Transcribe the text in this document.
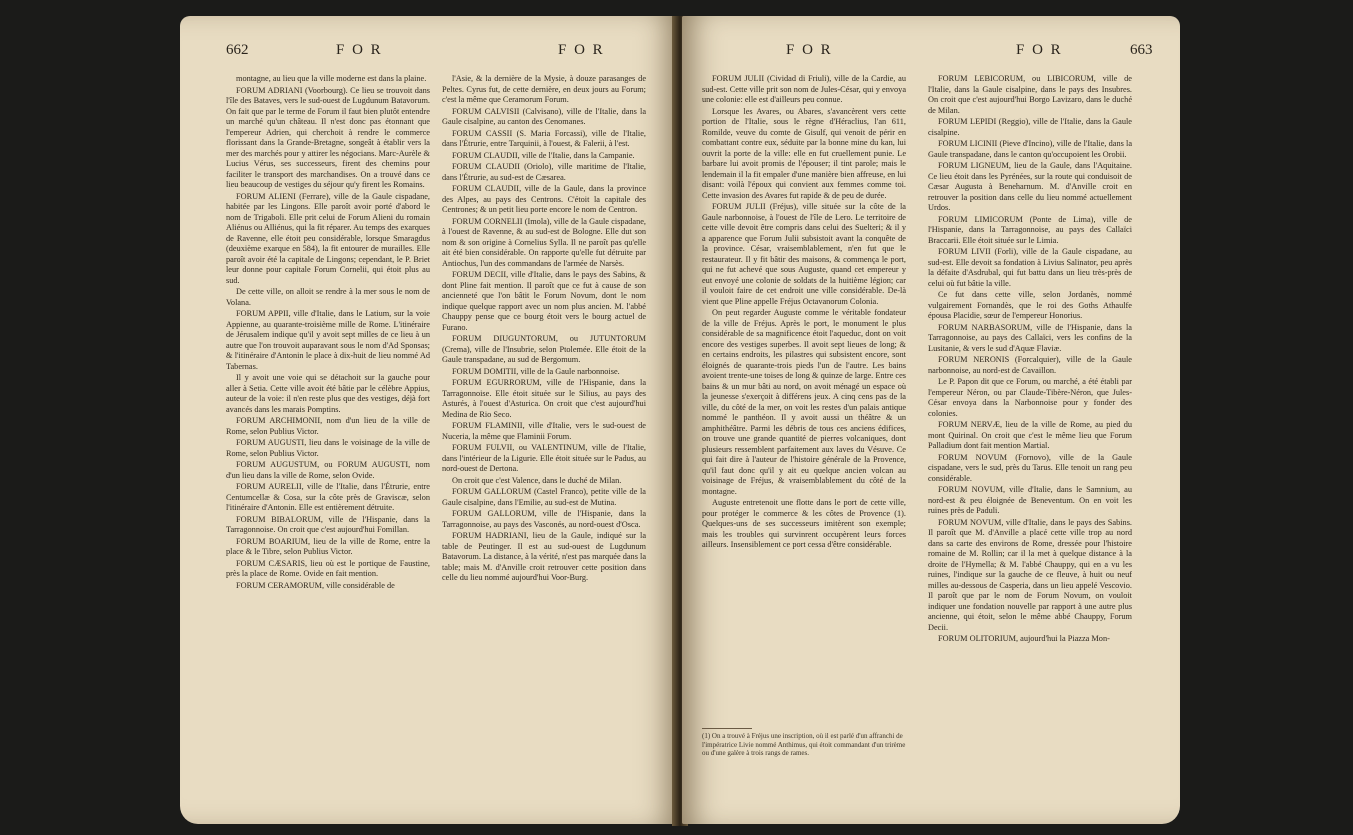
662	F O R	F O R

montagne, au lieu que la ville moderne est dans la plaine.

FORUM ADRIANI (Voorbourg). Ce lieu se trouvoit dans l'île des Bataves, vers le sud-ouest de Lugdunum Batavorum. On fait que par le terme de Forum il faut bien plutôt entendre un marché qu'un château. Il n'est donc pas étonnant que l'empereur Adrien, qui cherchoit à rendre le commerce florissant dans la Grande-Bretagne, songeât à établir vers la mer des marchés pour y attirer les négocians. Marc-Aurèle & Lucius Vérus, ses successeurs, firent des chemins pour faciliter le transport des marchandises. On a trouvé dans ce lieu beaucoup de vestiges du séjour qu'y firent les Romains.

FORUM ALIENI (Ferrare), ville de la Gaule cispadane, habitée par les Lingons. Elle paroît avoir porté d'abord le nom de Trigaboli. Elle prit celui de Forum Alieni du romain Aliénus ou Alliénus, qui la fit réparer. Au temps des exarques de Ravenne, elle étoit peu considérable, lorsque Smaragdus (deuxième exarque en 584), la fit entourer de murailles. Elle paroît avoir été la capitale de Lingons; cependant, le P. Briet leur donne pour capitale Forum Cornelii, qui étoit plus au sud.

De cette ville, on alloit se rendre à la mer sous le nom de Volana.

FORUM APPII, ville d'Italie, dans le Latium, sur la voie Appienne, au quarante-troisième mille de Rome. L'itinéraire de Jérusalem indique qu'il y avoit sept milles de ce lieu à un autre que l'on trouvoit auparavant sous le nom d'Ad Sponsas; & l'itinéraire d'Antonin le place à dix-huit de lieu nommé Ad Tabernas.

Il y avoit une voie qui se détachoit sur la gauche pour aller à Setia. Cette ville avoit été bâtie par le célèbre Appius, auteur de la voie: il n'en reste plus que des vestiges, déjà fort avancés dans les marais Pomptins.

FORUM ARCHIMONII, nom d'un lieu de la ville de Rome, selon Publius Victor.

FORUM AUGUSTI, lieu dans le voisinage de la ville de Rome, selon Publius Victor.

FORUM AUGUSTUM, ou FORUM AUGUSTI, nom d'un lieu dans la ville de Rome, selon Ovide.

FORUM AURELII, ville de l'Italie, dans l'Étrurie, entre Centumcellæ & Cosa, sur la côte près de Graviscæ, selon l'itinéraire d'Antonin. Elle est entièrement détruite.

FORUM BIBALORUM, ville de l'Hispanie, dans la Tarragonnoise. On croit que c'est aujourd'hui Fomillan.

FORUM BOARIUM, lieu de la ville de Rome, entre la place & le Tibre, selon Publius Victor.

FORUM CÆSARIS, lieu où est le portique de Faustine, près la place de Rome. Ovide en fait mention.

FORUM CERAMORUM, ville considérable de

l'Asie, & la dernière de la Mysie, à douze parasanges de Peltes. Cyrus fut, de cette dernière, en deux jours au Forum; c'est la même que Ceramorum Forum.

FORUM CALVISII (Calvisano), ville de l'Italie, dans la Gaule cisalpine, au canton des Cenomanes.

FORUM CASSII (S. Maria Forcassi), ville de l'Italie, dans l'Étrurie, entre Tarquinii, à l'ouest, & Falerii, à l'est.

FORUM CLAUDII, ville de l'Italie, dans la Campanie.

FORUM CLAUDII (Oriolo), ville maritime de l'Italie, dans l'Étrurie, au sud-est de Cæsarea.

FORUM CLAUDII, ville de la Gaule, dans la province des Alpes, au pays des Centrons. C'étoit la capitale des Centrones; & un petit lieu porte encore le nom de Centron.

FORUM CORNELII (Imola), ville de la Gaule cispadane, à l'ouest de Ravenne, & au sud-est de Bologne. Elle dut son nom & son origine à Cornelius Sylla. Il ne paroît pas qu'elle ait été bien considérable. On rapporte qu'elle fut détruite par Antiochus, l'un des commandans de l'armée de Narsès.

FORUM DECII, ville d'Italie, dans le pays des Sabins, & dont Pline fait mention. Il paroît que ce fut à cause de son ancienneté que l'on bâtit le Forum Novum, dont le nom indique quelque rapport avec un nom plus ancien. M. l'abbé Chauppy pense que ce bourg étoit vers le bourg actuel de Furano.

FORUM DIUGUNTORUM, ou JUTUNTORUM (Crema), ville de l'Insubrie, selon Ptolemée. Elle étoit de la Gaule transpadane, au sud de Bergomum.

FORUM DOMITII, ville de la Gaule narbonnoise.

FORUM EGURRORUM, ville de l'Hispanie, dans la Tarragonnoise. Elle étoit située sur le Silius, au pays des Asturés, à l'ouest d'Asturica. On croit que c'est aujourd'hui Medina de Rio Seco.

FORUM FLAMINII, ville d'Italie, vers le sud-ouest de Nuceria, la même que Flaminii Forum.

FORUM FULVII, ou VALENTINUM, ville de l'Italie, dans l'intérieur de la Ligurie. Elle étoit située sur le Padus, au nord-ouest de Dertona.

On croit que c'est Valence, dans le duché de Milan.

FORUM GALLORUM (Castel Franco), petite ville de la Gaule cisalpine, dans l'Emilie, au sud-est de Mutina.

FORUM GALLORUM, ville de l'Hispanie, dans la Tarragonnoise, au pays des Vasconés, au nord-ouest d'Osca.

FORUM HADRIANI, lieu de la Gaule, indiqué sur la table de Peutinger. Il est au sud-ouest de Lugdunum Batavorum. La distance, à la vérité, n'est pas marquée dans la table; mais M. d'Anville croit retrouver cette position dans celle du lieu nommé aujourd'hui Voor-Burg.

F O R	F O R	663

FORUM JULII (Cividad di Friuli), ville de la Cardie, au sud-est. Cette ville prit son nom de Jules-César, qui y envoya une colonie: elle est d'ailleurs peu connue.

Lorsque les Avares, ou Abares, s'avancèrent vers cette portion de l'Italie, sous le règne d'Héraclius, l'an 611, Romilde, veuve du comte de Gisulf, qui venoit de périr en combattant contre eux, séduite par la bonne mine du kan, lui ouvrit la porte de la ville: elle en fut cruellement punie. Le barbare lui avoit promis de l'épouser; il tint parole; mais le lendemain il la fit empaler d'une manière bien affreuse, en lui disant: voilà l'époux qui convient aux femmes comme toi. Cette invasion des Avares fut rapide & de peu de durée.

FORUM JULII (Fréjus), ville située sur la côte de la Gaule narbonnoise, à l'ouest de l'île de Lero. Le territoire de cette ville devoit être compris dans celui des Suelteri; & il y a apparence que Forum Julii subsistoit avant la conquête de la province. César, vraisemblablement, n'en fut que le restaurateur. Il y fit bâtir des maisons, & commença le port, qui ne fut achevé que sous Auguste, quand cet empereur y eut envoyé une colonie de soldats de la huitième légion; car il vouloit faire de cet endroit une ville considérable. De-là vient que Pline appelle Fréjus Octavanorum Colonia.

On peut regarder Auguste comme le véritable fondateur de la ville de Fréjus. Après le port, le monument le plus considérable de sa magnificence étoit l'aqueduc, dont on voit encore des vestiges superbes. Il avoit sept lieues de long; & en certains endroits, les pilastres qui subsistent encore, sont éloignés de quarante-trois pieds l'un de l'autre. Les bains avoient trente-une toises de long & quinze de large. Entre ces bains & un mur bâti au nord, on avoit ménagé un espace où la jeunesse s'exerçoit à différens jeux. A cinq cens pas de la ville, du côté de la mer, on voit les restes d'un palais antique nommé le panthéon. Il y avoit aussi un théâtre & un amphithéâtre. Parmi les débris de tous ces anciens édifices, on trouve une grande quantité de pierres volcaniques, dont plusieurs ressemblent parfaitement aux laves du Vésuve. Ce qui fait dire à l'auteur de l'histoire générale de la Provence, qu'il faut donc qu'il y ait eu quelque ancien volcan au voisinage de Fréjus, & vraisemblablement du côté de la montagne.

Auguste entretenoit une flotte dans le port de cette ville, pour protéger le commerce & les côtes de Provence (1). Quelques-uns de ses successeurs imitèrent son exemple; mais les troubles qui survinrent occupèrent leurs forces ailleurs. Insensiblement ce port cessa d'être considérable.

(1) On a trouvé à Fréjus une inscription, où il est parlé d'un affranchi de l'impératrice Livie nommé Anthimus, qui étoit commandant d'un trirème ou d'une galère à trois rangs de rames.

FORUM LEBICORUM, ou LIBICORUM, ville de l'Italie, dans la Gaule cisalpine, dans le pays des Insubres. On croit que c'est aujourd'hui Borgo Lavizaro, dans le duché de Milan.

FORUM LEPIDI (Reggio), ville de l'Italie, dans la Gaule cisalpine.

FORUM LICINII (Pieve d'Incino), ville de l'Italie, dans la Gaule transpadane, dans le canton qu'occupoient les Orobii.

FORUM LIGNEUM, lieu de la Gaule, dans l'Aquitaine. Ce lieu étoit dans les Pyrénées, sur la route qui conduisoit de Cæsar Augusta à Beneharnum. M. d'Anville croit en retrouver la position dans celle du lieu nommé actuellement Urdos.

FORUM LIMICORUM (Ponte de Lima), ville de l'Hispanie, dans la Tarragonnoise, au pays des Callaïci Braccarii. Elle étoit située sur le Limia.

FORUM LIVII (Forli), ville de la Gaule cispadane, au sud-est. Elle devoit sa fondation à Livius Salinator, peu après la défaite d'Asdrubal, qui fut battu dans un lieu très-près de celui où fut bâtie la ville.

Ce fut dans cette ville, selon Jordanès, nommé vulgairement Fornandès, que le roi des Goths Athaulfe épousa Placidie, sœur de l'empereur Honorius.

FORUM NARBASORUM, ville de l'Hispanie, dans la Tarragonnoise, au pays des Callaïci, vers les confins de la Lusitanie, & vers le sud d'Aquæ Flaviæ.

FORUM NERONIS (Forcalquier), ville de la Gaule narbonnoise, au nord-est de Cavaillon.

Le P. Papon dit que ce Forum, ou marché, a été établi par l'empereur Néron, ou par Claude-Tibère-Néron, que Jules-César envoya dans la Narbonnoise pour y fonder des colonies.

FORUM NERVÆ, lieu de la ville de Rome, au pied du mont Quirinal. On croit que c'est le même lieu que Forum Palladium dont fait mention Martial.

FORUM NOVUM (Fornovo), ville de la Gaule cispadane, vers le sud, près du Tarus. Elle tenoit un rang peu considérable.

FORUM NOVUM, ville d'Italie, dans le Samnium, au nord-est & peu éloignée de Beneventum. On en voit les ruines près de Paduli.

FORUM NOVUM, ville d'Italie, dans le pays des Sabins. Il paroît que M. d'Anville a placé cette ville trop au nord dans sa carte des environs de Rome, dressée pour l'histoire romaine de M. Rollin; car il la met à quelque distance à la droite de l'Hymella; & M. l'abbé Chauppy, qui en a vu les ruines, l'indique sur la gauche de ce fleuve, à huit ou neuf milles au-dessous de Casperia, dans un lieu appelé Vescovio. Il paroît que par le nom de Forum Novum, on vouloit indiquer une fondation nouvelle par rapport à une autre plus ancienne, qui étoit, selon le même abbé Chauppy, Forum Decii.

FORUM OLITORIUM, aujourd'hui la Piazza Mon-
